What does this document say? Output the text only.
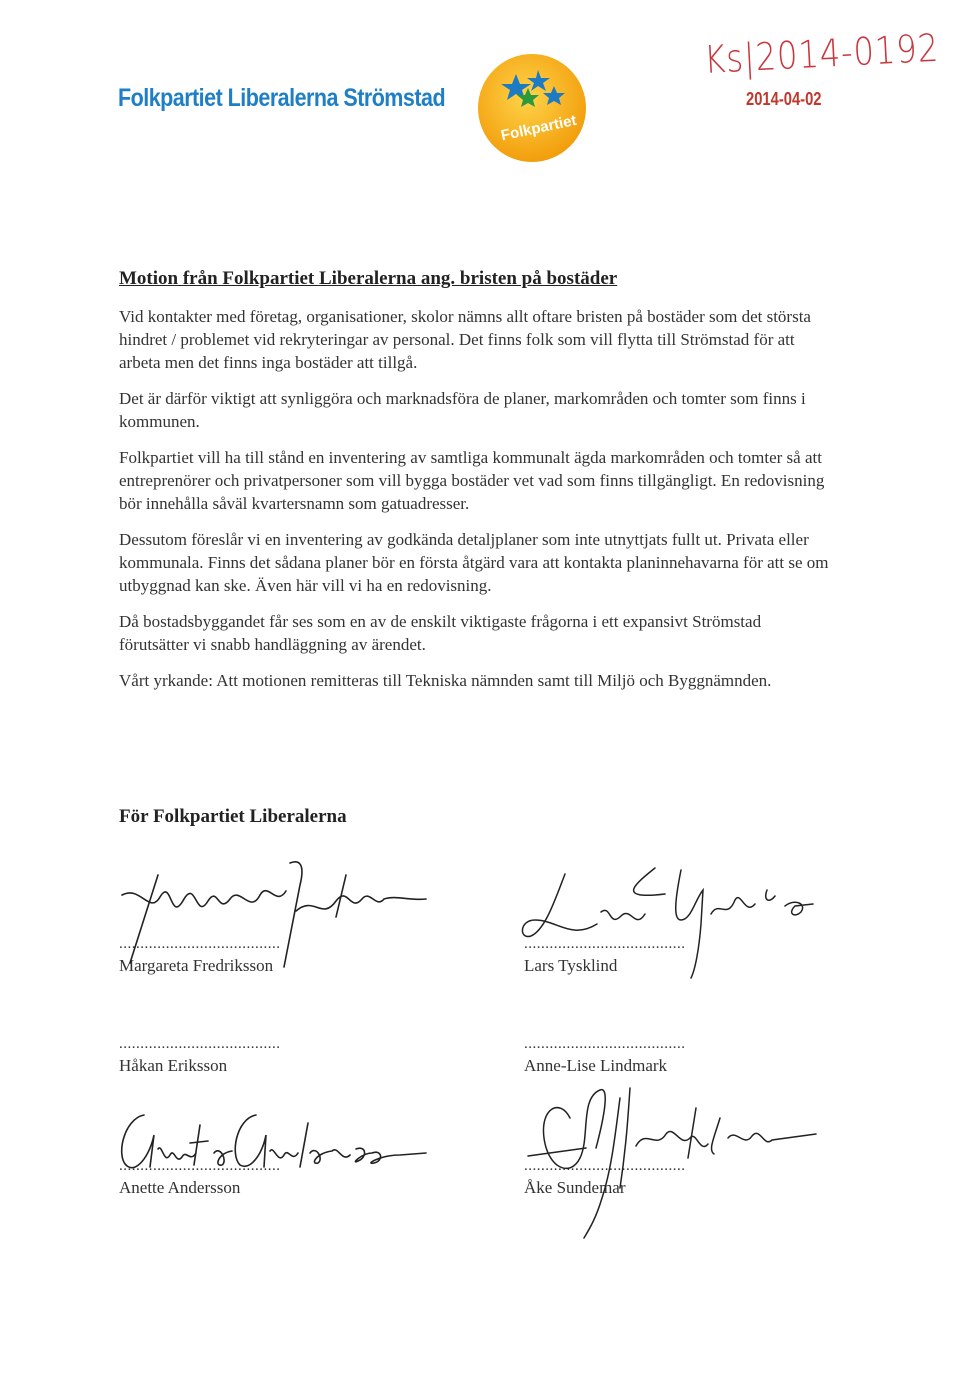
Folkpartiet Liberalerna Strömstad
Folkpartiet
Ks|2014-0192
2014-04-02
Motion från Folkpartiet Liberalerna ang. bristen på bostäder

Vid kontakter med företag, organisationer, skolor nämns allt oftare bristen på bostäder som det största hindret / problemet vid rekryteringar av personal. Det finns folk som vill flytta till Strömstad för att arbeta men det finns inga bostäder att tillgå.

Det är därför viktigt att synliggöra och marknadsföra de planer, markområden och tomter som finns i kommunen.

Folkpartiet vill ha till stånd en inventering av samtliga kommunalt ägda markområden och tomter så att entreprenörer och privatpersoner som vill bygga bostäder vet vad som finns tillgängligt. En redovisning bör innehålla såväl kvartersnamn som gatuadresser.

Dessutom föreslår vi en inventering av godkända detaljplaner som inte utnyttjats fullt ut. Privata eller kommunala. Finns det sådana planer bör en första åtgärd vara att kontakta planinnehavarna för att se om utbyggnad kan ske. Även här vill vi ha en redovisning.

Då bostadsbyggandet får ses som en av de enskilt viktigaste frågorna i ett expansivt Strömstad förutsätter vi snabb handläggning av ärendet.

Vårt yrkande: Att motionen remitteras till Tekniska nämnden samt till Miljö och Byggnämnden.

För Folkpartiet Liberalerna
......................................
Margareta Fredriksson
......................................
Lars Tysklind
......................................
Håkan Eriksson
......................................
Anne-Lise Lindmark
......................................
Anette Andersson
......................................
Åke Sundemar
